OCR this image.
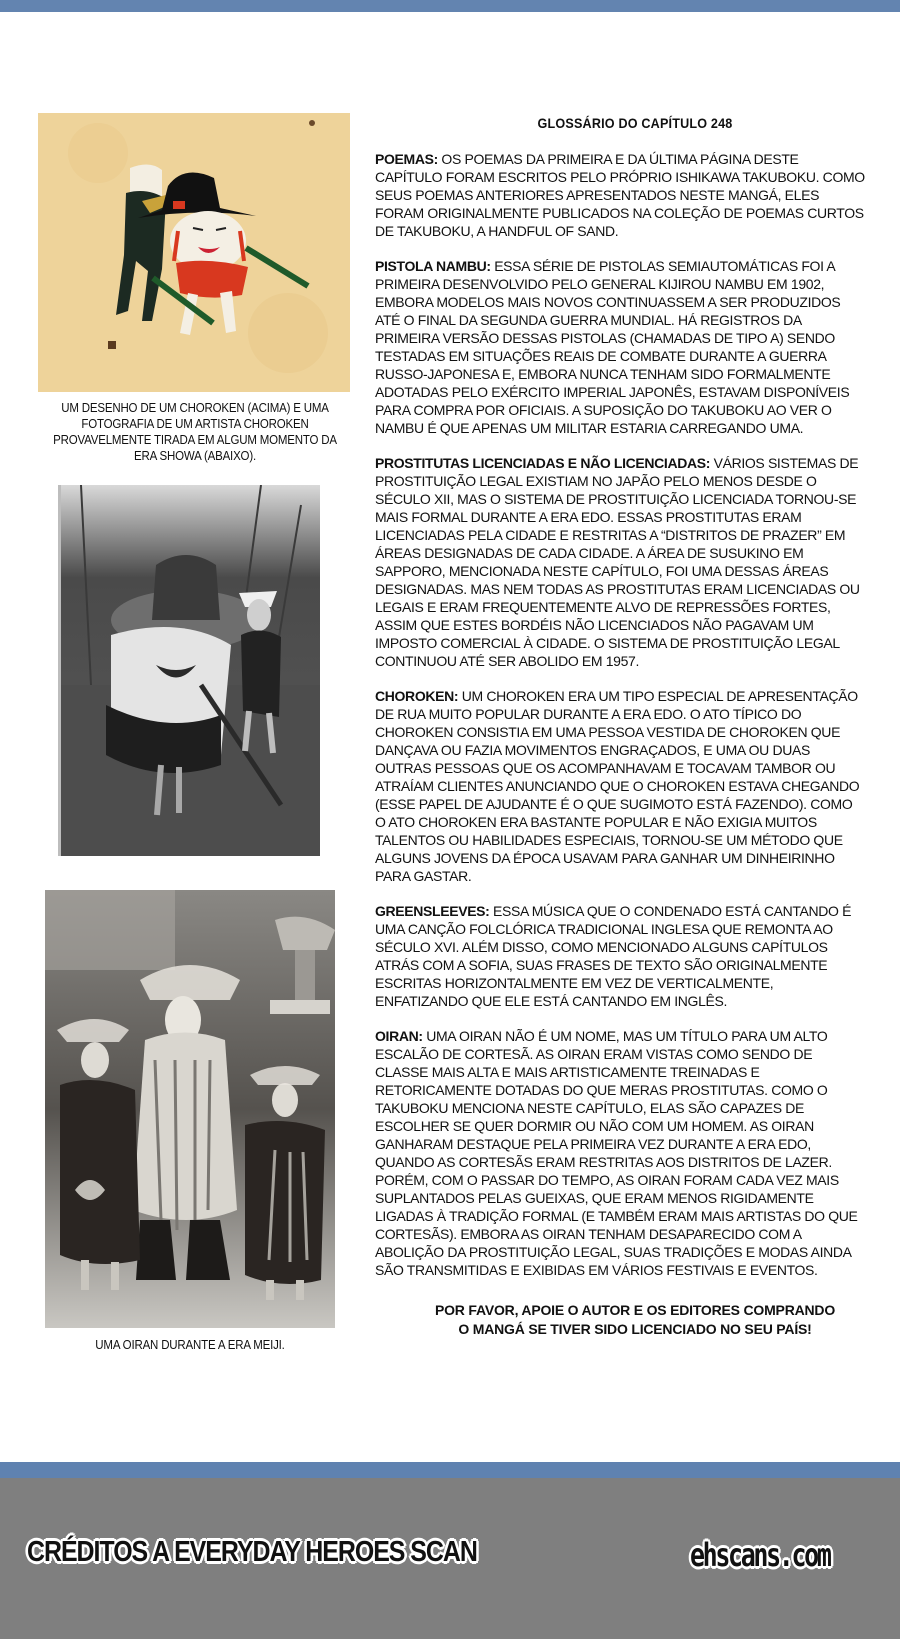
UM DESENHO DE UM CHOROKEN (ACIMA) E UMA FOTOGRAFIA DE UM ARTISTA CHOROKEN PROVAVELMENTE TIRADA EM ALGUM MOMENTO DA ERA SHOWA (ABAIXO).
UMA OIRAN DURANTE A ERA MEIJI.
GLOSSÁRIO DO CAPÍTULO 248

POEMAS: OS POEMAS DA PRIMEIRA E DA ÚLTIMA PÁGINA DESTE CAPÍTULO FORAM ESCRITOS PELO PRÓPRIO ISHIKAWA TAKUBOKU. COMO SEUS POEMAS ANTERIORES APRESENTADOS NESTE MANGÁ, ELES FORAM ORIGINALMENTE PUBLICADOS NA COLEÇÃO DE POEMAS CURTOS DE TAKUBOKU, A HANDFUL OF SAND.

PISTOLA NAMBU: ESSA SÉRIE DE PISTOLAS SEMIAUTOMÁTICAS FOI A PRIMEIRA DESENVOLVIDO PELO GENERAL KIJIROU NAMBU EM 1902, EMBORA MODELOS MAIS NOVOS CONTINUASSEM A SER PRODUZIDOS ATÉ O FINAL DA SEGUNDA GUERRA MUNDIAL. HÁ REGISTROS DA PRIMEIRA VERSÃO DESSAS PISTOLAS (CHAMADAS DE TIPO A) SENDO TESTADAS EM SITUAÇÕES REAIS DE COMBATE DURANTE A GUERRA RUSSO-JAPONESA E, EMBORA NUNCA TENHAM SIDO FORMALMENTE ADOTADAS PELO EXÉRCITO IMPERIAL JAPONÊS, ESTAVAM DISPONÍVEIS PARA COMPRA POR OFICIAIS. A SUPOSIÇÃO DO TAKUBOKU AO VER O NAMBU É QUE APENAS UM MILITAR ESTARIA CARREGANDO UMA.

PROSTITUTAS LICENCIADAS E NÃO LICENCIADAS: VÁRIOS SISTEMAS DE PROSTITUIÇÃO LEGAL EXISTIAM NO JAPÃO PELO MENOS DESDE O SÉCULO XII, MAS O SISTEMA DE PROSTITUIÇÃO LICENCIADA TORNOU-SE MAIS FORMAL DURANTE A ERA EDO. ESSAS PROSTITUTAS ERAM LICENCIADAS PELA CIDADE E RESTRITAS A “DISTRITOS DE PRAZER” EM ÁREAS DESIGNADAS DE CADA CIDADE. A ÁREA DE SUSUKINO EM SAPPORO, MENCIONADA NESTE CAPÍTULO, FOI UMA DESSAS ÁREAS DESIGNADAS. MAS NEM TODAS AS PROSTITUTAS ERAM LICENCIADAS OU LEGAIS E ERAM FREQUENTEMENTE ALVO DE REPRESSÕES FORTES, ASSIM QUE ESTES BORDÉIS NÃO LICENCIADOS NÃO PAGAVAM UM IMPOSTO COMERCIAL À CIDADE. O SISTEMA DE PROSTITUIÇÃO LEGAL CONTINUOU ATÉ SER ABOLIDO EM 1957.

CHOROKEN: UM CHOROKEN ERA UM TIPO ESPECIAL DE APRESENTAÇÃO DE RUA MUITO POPULAR DURANTE A ERA EDO. O ATO TÍPICO DO CHOROKEN CONSISTIA EM UMA PESSOA VESTIDA DE CHOROKEN QUE DANÇAVA OU FAZIA MOVIMENTOS ENGRAÇADOS, E UMA OU DUAS OUTRAS PESSOAS QUE OS ACOMPANHAVAM E TOCAVAM TAMBOR OU ATRAÍAM CLIENTES ANUNCIANDO QUE O CHOROKEN ESTAVA CHEGANDO (ESSE PAPEL DE AJUDANTE É O QUE SUGIMOTO ESTÁ FAZENDO). COMO O ATO CHOROKEN ERA BASTANTE POPULAR E NÃO EXIGIA MUITOS TALENTOS OU HABILIDADES ESPECIAIS, TORNOU-SE UM MÉTODO QUE ALGUNS JOVENS DA ÉPOCA USAVAM PARA GANHAR UM DINHEIRINHO PARA GASTAR.

GREENSLEEVES: ESSA MÚSICA QUE O CONDENADO ESTÁ CANTANDO É UMA CANÇÃO FOLCLÓRICA TRADICIONAL INGLESA QUE REMONTA AO SÉCULO XVI. ALÉM DISSO, COMO MENCIONADO ALGUNS CAPÍTULOS ATRÁS COM A SOFIA, SUAS FRASES DE TEXTO SÃO ORIGINALMENTE ESCRITAS HORIZONTALMENTE EM VEZ DE VERTICALMENTE, ENFATIZANDO QUE ELE ESTÁ CANTANDO EM INGLÊS.

OIRAN: UMA OIRAN NÃO É UM NOME, MAS UM TÍTULO PARA UM ALTO ESCALÃO DE CORTESÃ. AS OIRAN ERAM VISTAS COMO SENDO DE CLASSE MAIS ALTA E MAIS ARTISTICAMENTE TREINADAS E RETORICAMENTE DOTADAS DO QUE MERAS PROSTITUTAS. COMO O TAKUBOKU MENCIONA NESTE CAPÍTULO, ELAS SÃO CAPAZES DE ESCOLHER SE QUER DORMIR OU NÃO COM UM HOMEM. AS OIRAN GANHARAM DESTAQUE PELA PRIMEIRA VEZ DURANTE A ERA EDO, QUANDO AS CORTESÃS ERAM RESTRITAS AOS DISTRITOS DE LAZER. PORÉM, COM O PASSAR DO TEMPO, AS OIRAN FORAM CADA VEZ MAIS SUPLANTADOS PELAS GUEIXAS, QUE ERAM MENOS RIGIDAMENTE LIGADAS À TRADIÇÃO FORMAL (E TAMBÉM ERAM MAIS ARTISTAS DO QUE CORTESÃS). EMBORA AS OIRAN TENHAM DESAPARECIDO COM A ABOLIÇÃO DA PROSTITUIÇÃO LEGAL, SUAS TRADIÇÕES E MODAS AINDA SÃO TRANSMITIDAS E EXIBIDAS EM VÁRIOS FESTIVAIS E EVENTOS.

POR FAVOR, APOIE O AUTOR E OS EDITORES COMPRANDO
O MANGÁ SE TIVER SIDO LICENCIADO NO SEU PAÍS!
CRÉDITOS A EVERYDAY HEROES SCAN	ehscans.com
